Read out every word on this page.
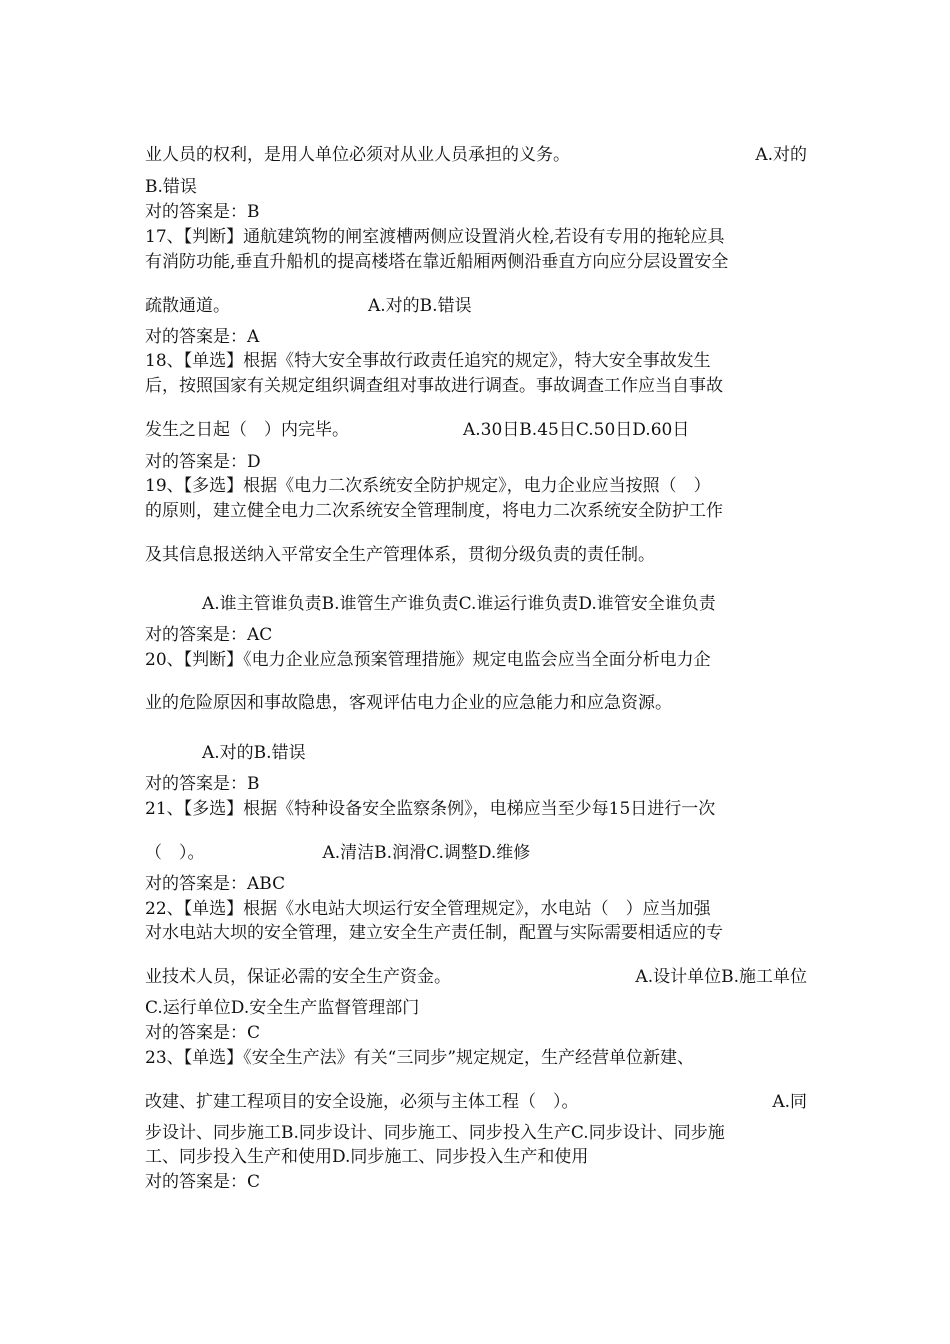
业人员的权利，是用人单位必须对从业人员承担的义务。	A.对的
B.错误
对的答案是：B
17、【判断】通航建筑物的闸室渡槽两侧应设置消火栓,若设有专用的拖轮应具
有消防功能,垂直升船机的提高楼塔在靠近船厢两侧沿垂直方向应分层设置安全
疏散通道。	A.对的B.错误
对的答案是：A
18、【单选】根据《特大安全事故行政责任追究的规定》，特大安全事故发生
后，按照国家有关规定组织调查组对事故进行调查。事故调查工作应当自事故
发生之日起（　）内完毕。	A.30日B.45日C.50日D.60日
对的答案是：D
19、【多选】根据《电力二次系统安全防护规定》，电力企业应当按照（　）
的原则，建立健全电力二次系统安全管理制度，将电力二次系统安全防护工作
及其信息报送纳入平常安全生产管理体系，贯彻分级负责的责任制。
A.谁主管谁负责B.谁管生产谁负责C.谁运行谁负责D.谁管安全谁负责
对的答案是：AC
20、【判断】《电力企业应急预案管理措施》规定电监会应当全面分析电力企
业的危险原因和事故隐患，客观评估电力企业的应急能力和应急资源。
A.对的B.错误
对的答案是：B
21、【多选】根据《特种设备安全监察条例》，电梯应当至少每15日进行一次
（　）。	A.清洁B.润滑C.调整D.维修
对的答案是：ABC
22、【单选】根据《水电站大坝运行安全管理规定》，水电站（　）应当加强
对水电站大坝的安全管理，建立安全生产责任制，配置与实际需要相适应的专
业技术人员，保证必需的安全生产资金。	A.设计单位B.施工单位
C.运行单位D.安全生产监督管理部门
对的答案是：C
23、【单选】《安全生产法》有关“三同步”规定规定，生产经营单位新建、
改建、扩建工程项目的安全设施，必须与主体工程（　）。	A.同
步设计、同步施工B.同步设计、同步施工、同步投入生产C.同步设计、同步施
工、同步投入生产和使用D.同步施工、同步投入生产和使用
对的答案是：C
